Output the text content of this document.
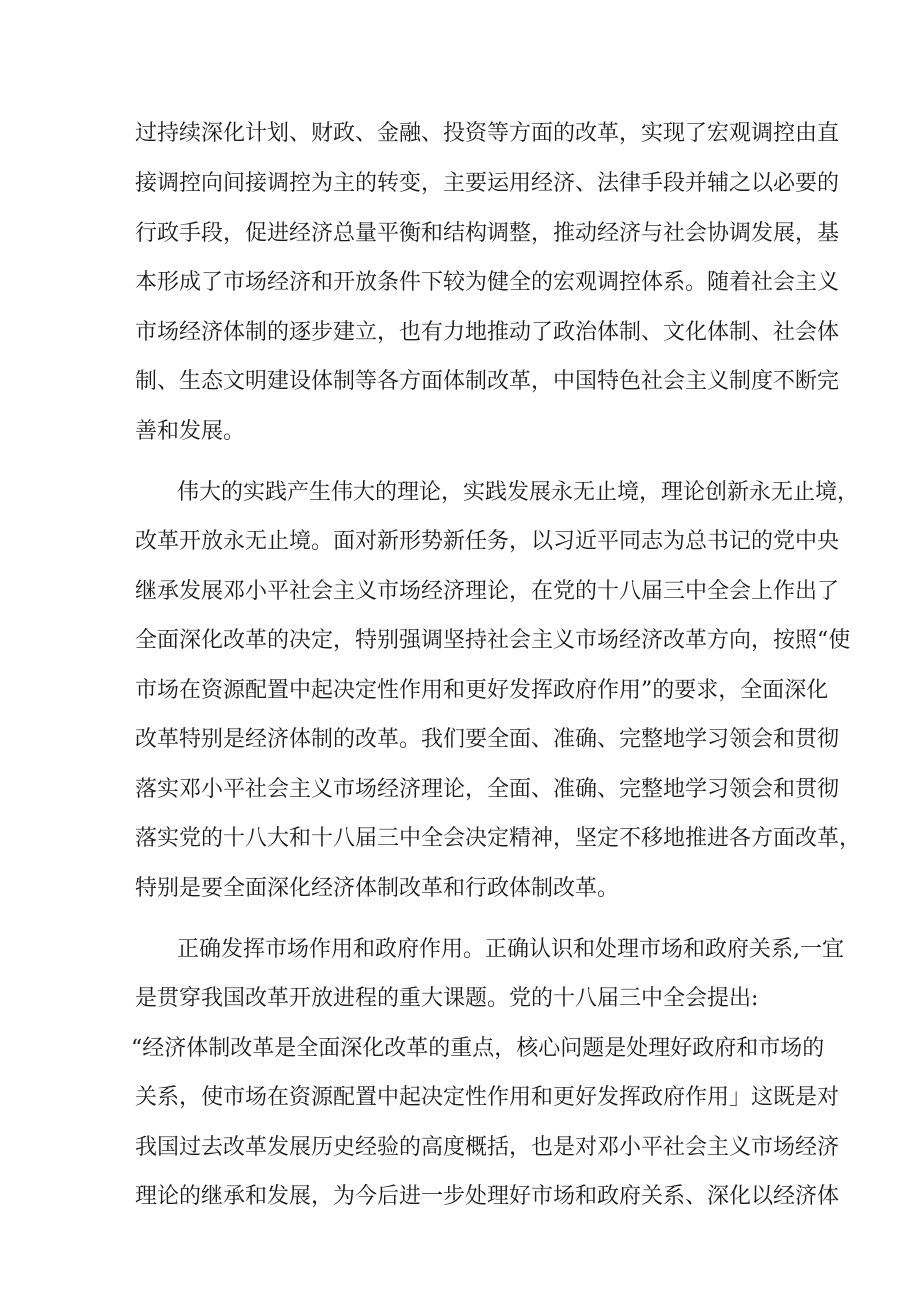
过持续深化计划、财政、金融、投资等方面的改革，实现了宏观调控由直
接调控向间接调控为主的转变，主要运用经济、法律手段并辅之以必要的
行政手段，促进经济总量平衡和结构调整，推动经济与社会协调发展，基
本形成了市场经济和开放条件下较为健全的宏观调控体系。随着社会主义
市场经济体制的逐步建立，也有力地推动了政治体制、文化体制、社会体
制、生态文明建设体制等各方面体制改革，中国特色社会主义制度不断完
善和发展。
伟大的实践产生伟大的理论，实践发展永无止境，理论创新永无止境，
改革开放永无止境。面对新形势新任务，以习近平同志为总书记的党中央
继承发展邓小平社会主义市场经济理论，在党的十八届三中全会上作出了
全面深化改革的决定，特别强调坚持社会主义市场经济改革方向，按照“使
市场在资源配置中起决定性作用和更好发挥政府作用”的要求，全面深化
改革特别是经济体制的改革。我们要全面、准确、完整地学习领会和贯彻
落实邓小平社会主义市场经济理论，全面、准确、完整地学习领会和贯彻
落实党的十八大和十八届三中全会决定精神，坚定不移地推进各方面改革，
特别是要全面深化经济体制改革和行政体制改革。
正确发挥市场作用和政府作用。正确认识和处理市场和政府关系,一宜
是贯穿我国改革开放进程的重大课题。党的十八届三中全会提出:
“经济体制改革是全面深化改革的重点，核心问题是处理好政府和市场的
关系，使市场在资源配置中起决定性作用和更好发挥政府作用」这既是对
我国过去改革发展历史经验的高度概括，也是对邓小平社会主义市场经济
理论的继承和发展，为今后进一步处理好市场和政府关系、深化以经济体
